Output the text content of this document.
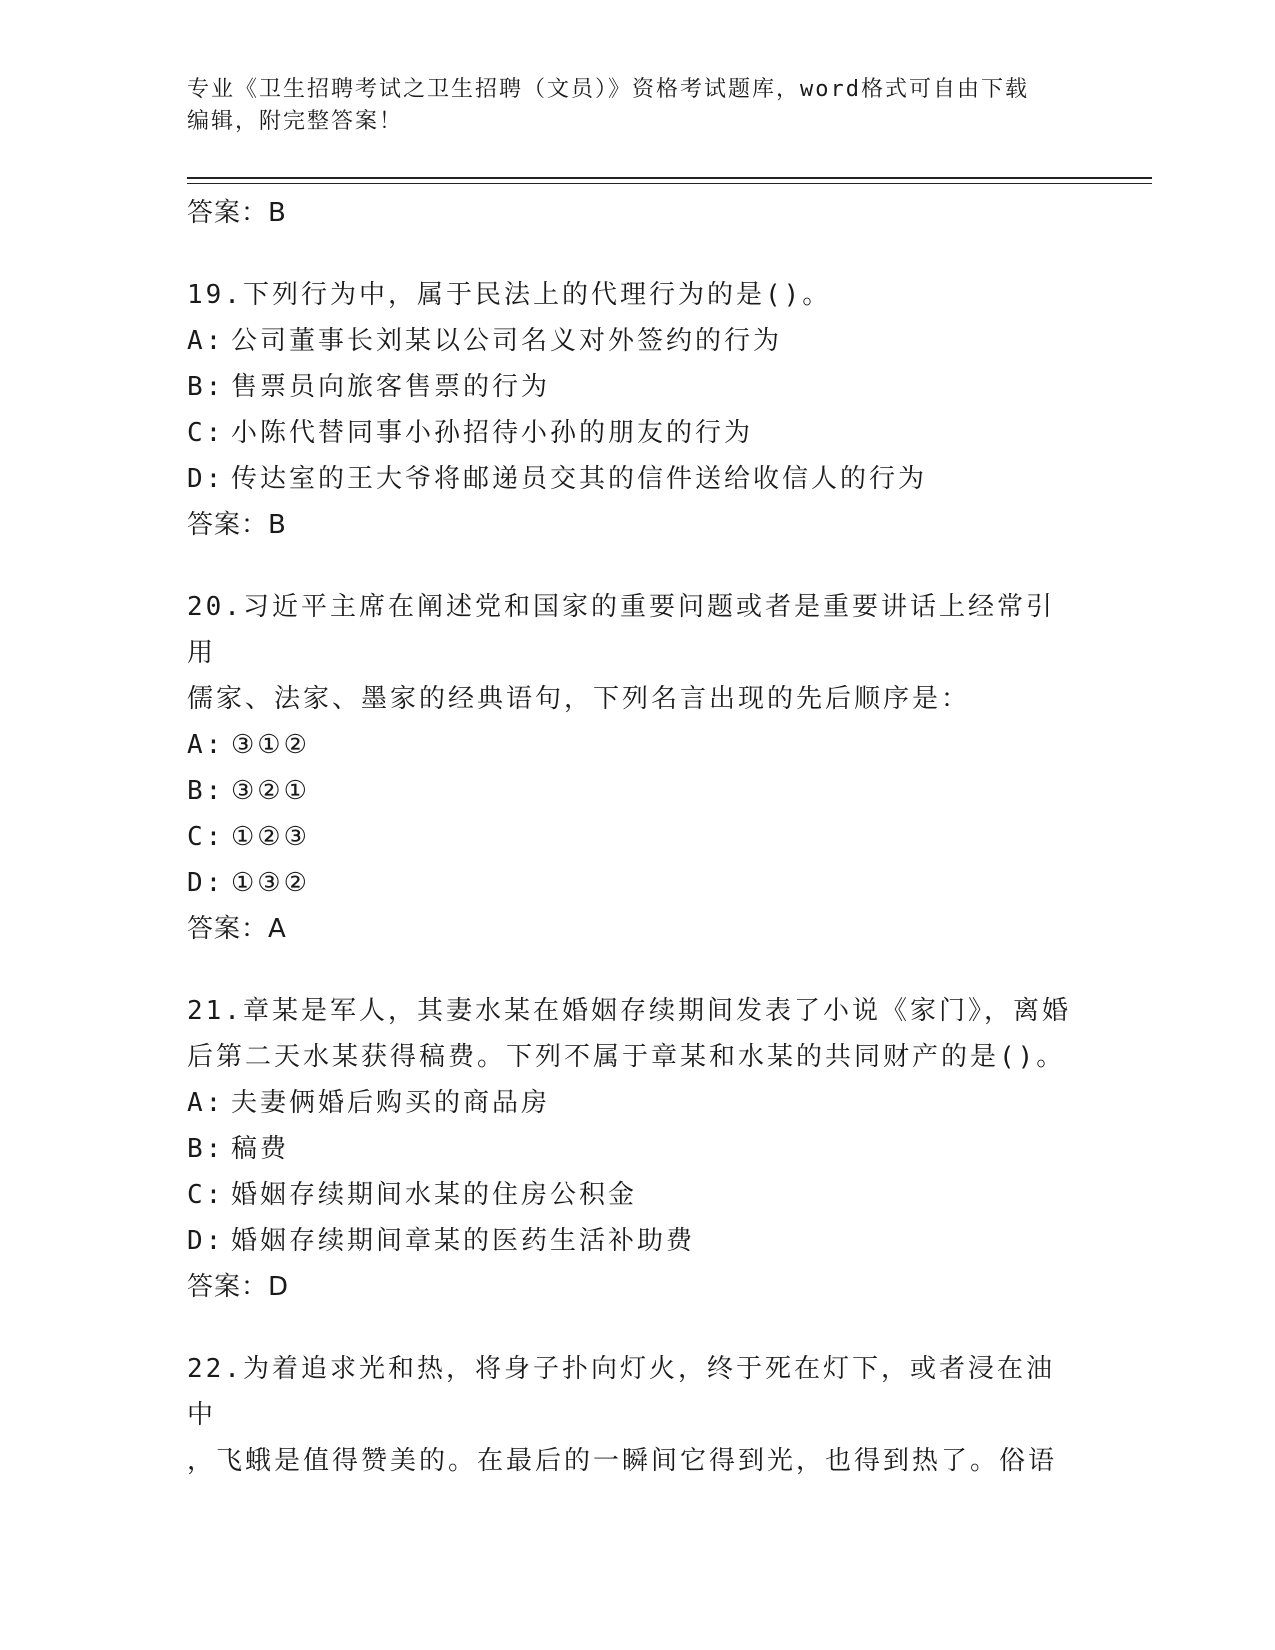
专业《卫生招聘考试之卫生招聘（文员）》资格考试题库，word格式可自由下载
编辑，附完整答案！
答案：B
19.下列行为中，属于民法上的代理行为的是()。
A: 公司董事长刘某以公司名义对外签约的行为
B: 售票员向旅客售票的行为
C: 小陈代替同事小孙招待小孙的朋友的行为
D: 传达室的王大爷将邮递员交其的信件送给收信人的行为
答案：B
20.习近平主席在阐述党和国家的重要问题或者是重要讲话上经常引用
儒家、法家、墨家的经典语句，下列名言出现的先后顺序是：
A: ③①②
B: ③②①
C: ①②③
D: ①③②
答案：A
21.章某是军人，其妻水某在婚姻存续期间发表了小说《家门》，离婚
后第二天水某获得稿费。下列不属于章某和水某的共同财产的是()。
A: 夫妻俩婚后购买的商品房
B: 稿费
C: 婚姻存续期间水某的住房公积金
D: 婚姻存续期间章某的医药生活补助费
答案：D
22.为着追求光和热，将身子扑向灯火，终于死在灯下，或者浸在油中
，飞蛾是值得赞美的。在最后的一瞬间它得到光，也得到热了。俗语
